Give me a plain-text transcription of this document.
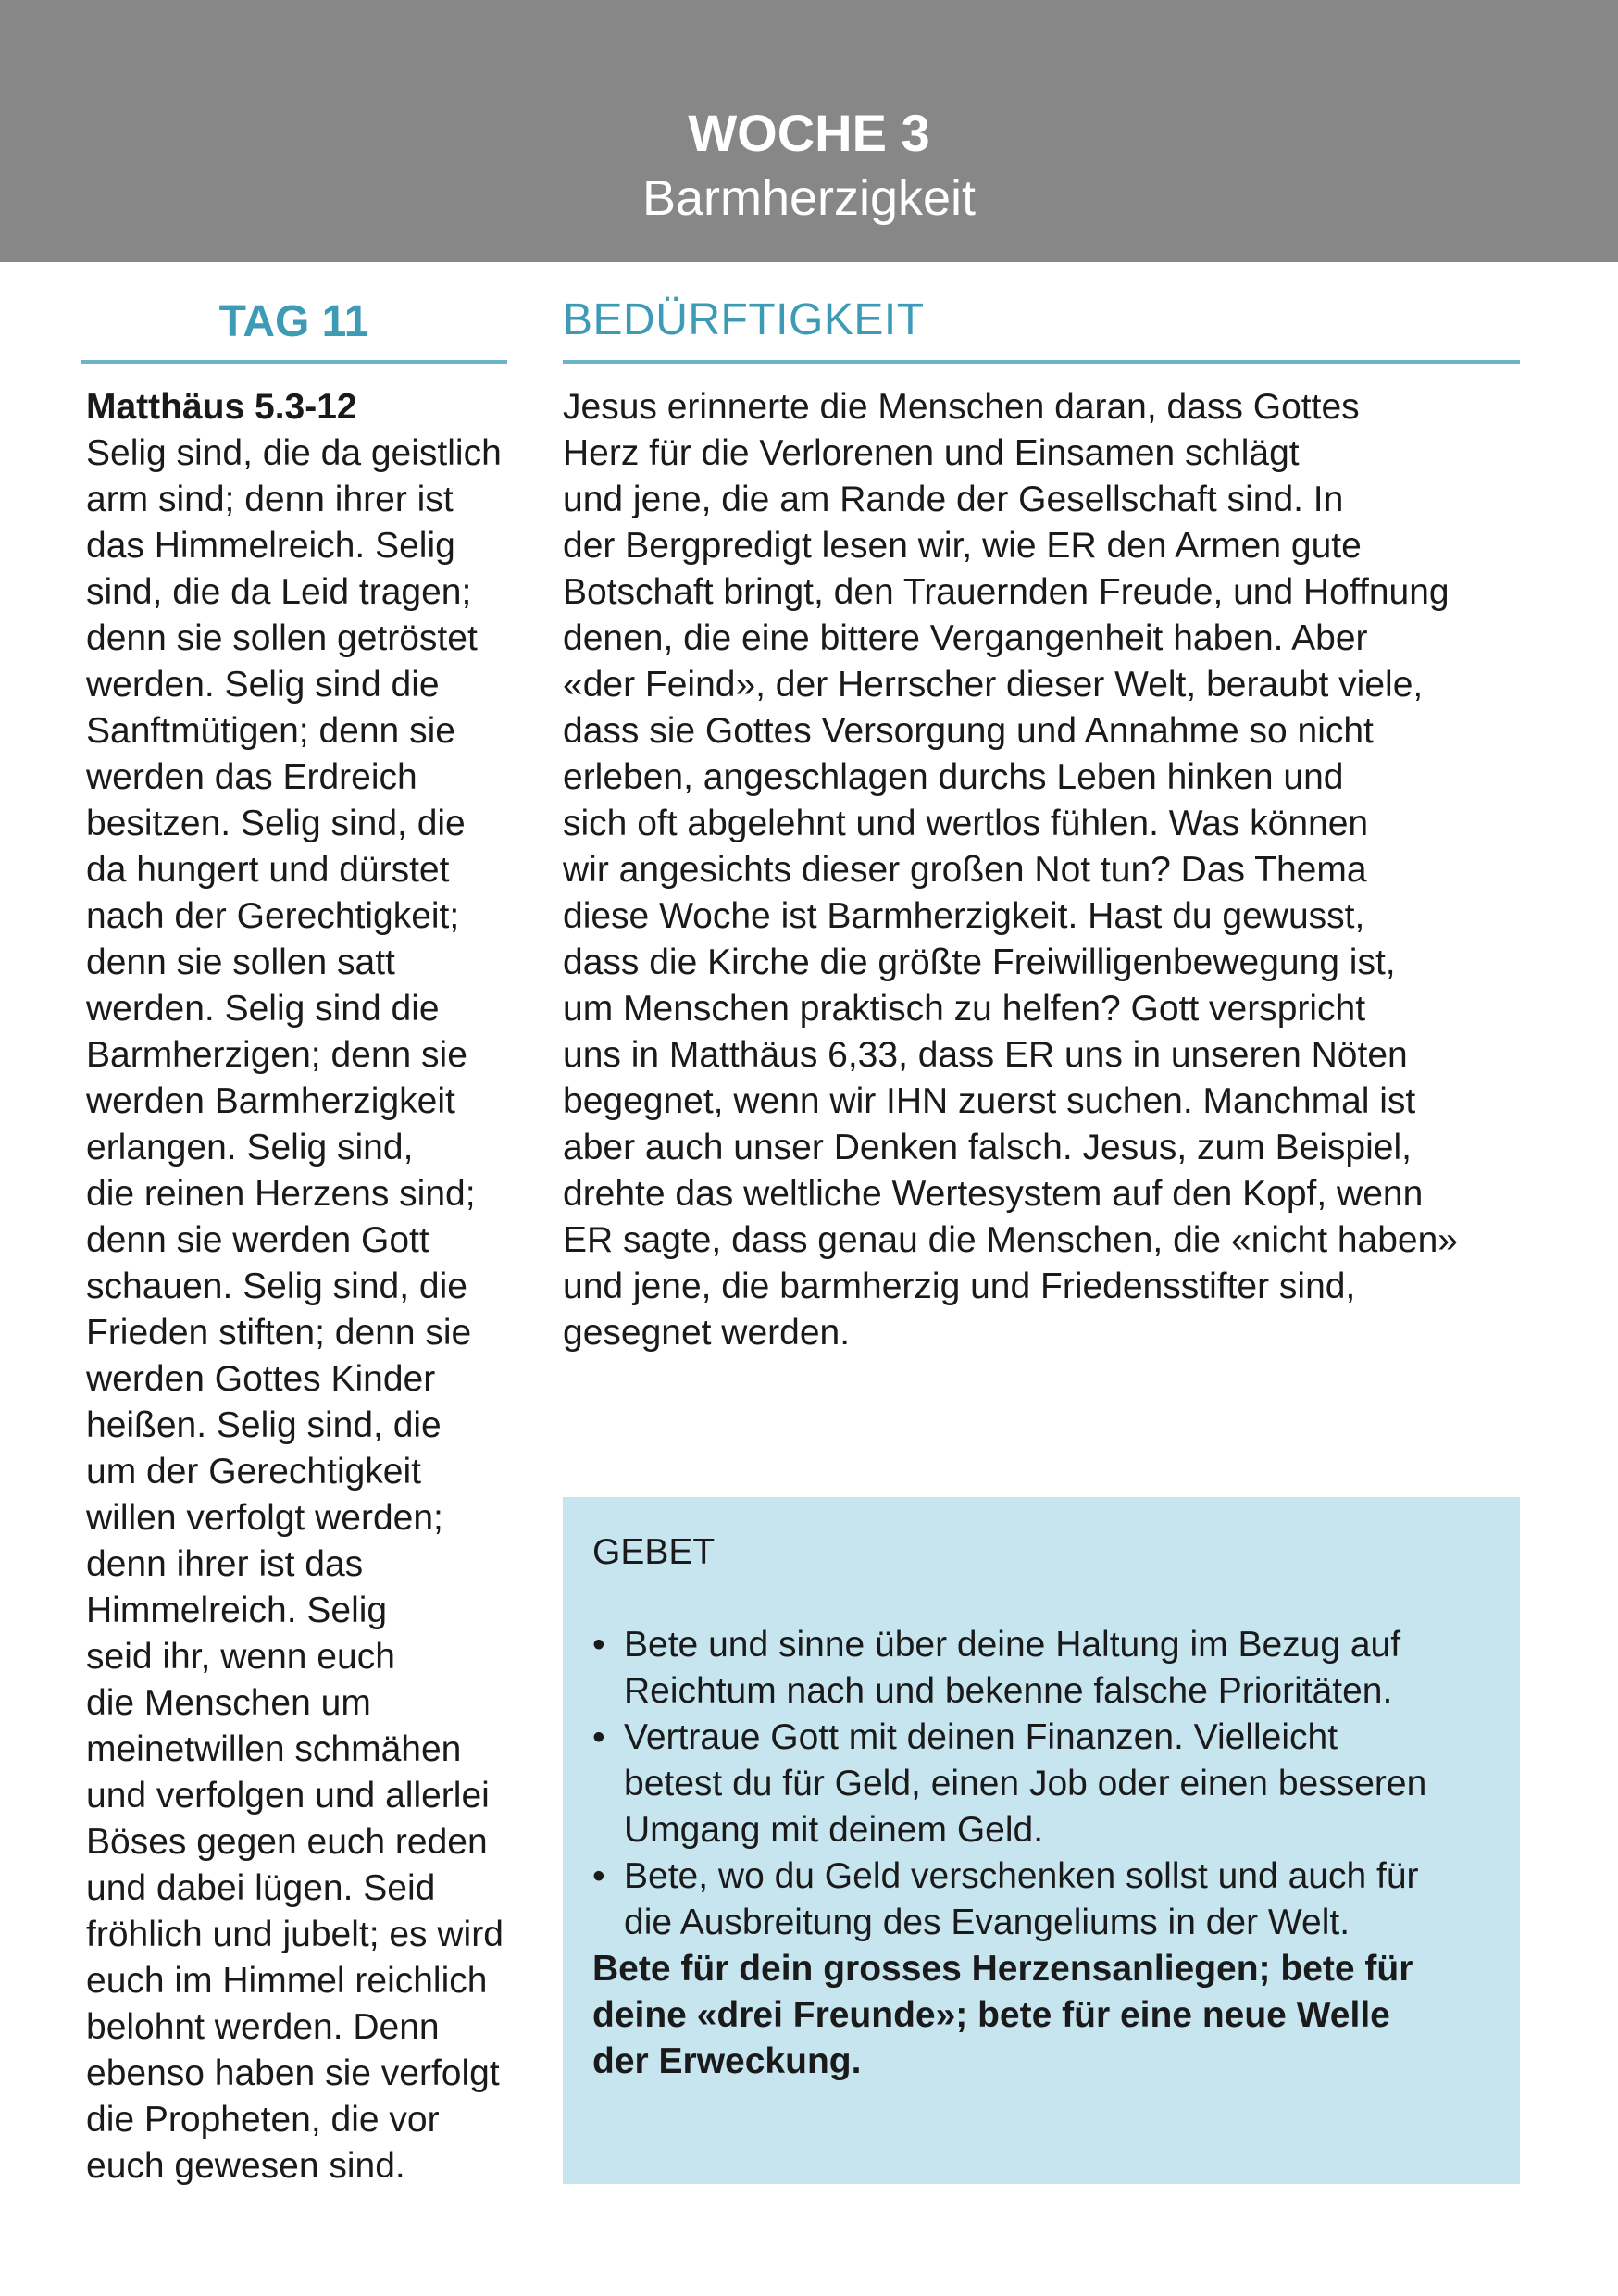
WOCHE 3
Barmherzigkeit
TAG 11	BEDÜRFTIGKEIT
Matthäus 5.3-12
Selig sind, die da geistlich
arm sind; denn ihrer ist
das Himmelreich. Selig
sind, die da Leid tragen;
denn sie sollen getröstet
werden. Selig sind die
Sanftmütigen; denn sie
werden das Erdreich
besitzen. Selig sind, die
da hungert und dürstet
nach der Gerechtigkeit;
denn sie sollen satt
werden. Selig sind die
Barmherzigen; denn sie
werden Barmherzigkeit
erlangen. Selig sind,
die reinen Herzens sind;
denn sie werden Gott
schauen. Selig sind, die
Frieden stiften; denn sie
werden Gottes Kinder
heißen. Selig sind, die
um der Gerechtigkeit
willen verfolgt werden;
denn ihrer ist das
Himmelreich. Selig
seid ihr, wenn euch
die Menschen um
meinetwillen schmähen
und verfolgen und allerlei
Böses gegen euch reden
und dabei lügen. Seid
fröhlich und jubelt; es wird
euch im Himmel reichlich
belohnt werden. Denn
ebenso haben sie verfolgt
die Propheten, die vor
euch gewesen sind.
Jesus erinnerte die Menschen daran, dass Gottes
Herz für die Verlorenen und Einsamen schlägt
und jene, die am Rande der Gesellschaft sind. In
der Bergpredigt lesen wir, wie ER den Armen gute
Botschaft bringt, den Trauernden Freude, und Hoffnung
denen, die eine bittere Vergangenheit haben. Aber
«der Feind», der Herrscher dieser Welt, beraubt viele,
dass sie Gottes Versorgung und Annahme so nicht
erleben, angeschlagen durchs Leben hinken und
sich oft abgelehnt und wertlos fühlen. Was können
wir angesichts dieser großen Not tun? Das Thema
diese Woche ist Barmherzigkeit. Hast du gewusst,
dass die Kirche die größte Freiwilligenbewegung ist,
um Menschen praktisch zu helfen? Gott verspricht
uns in Matthäus 6,33, dass ER uns in unseren Nöten
begegnet, wenn wir IHN zuerst suchen. Manchmal ist
aber auch unser Denken falsch. Jesus, zum Beispiel,
drehte das weltliche Wertesystem auf den Kopf, wenn
ER sagte, dass genau die Menschen, die «nicht haben»
und jene, die barmherzig und Friedensstifter sind,
gesegnet werden.
GEBET
• Bete und sinne über deine Haltung im Bezug auf
Reichtum nach und bekenne falsche Prioritäten.
• Vertraue Gott mit deinen Finanzen. Vielleicht
betest du für Geld, einen Job oder einen besseren
Umgang mit deinem Geld.
• Bete, wo du Geld verschenken sollst und auch für
die Ausbreitung des Evangeliums in der Welt.
Bete für dein grosses Herzensanliegen; bete für
deine «drei Freunde»; bete für eine neue Welle
der Erweckung.
